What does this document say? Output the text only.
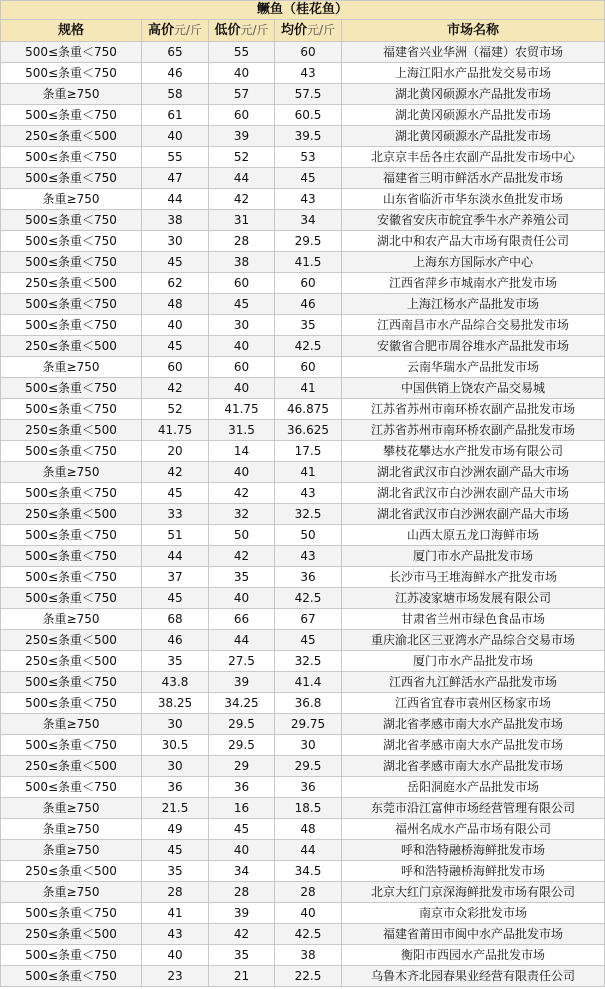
鳜鱼（桂花鱼）				
规格	高价元/斤	低价元/斤	均价元/斤	市场名称
500≤条重＜750	65	55	60	福建省兴业华洲（福建）农贸市场
500≤条重＜750	46	40	43	上海江阳水产品批发交易市场
条重≥750	58	57	57.5	湖北黄冈硕源水产品批发市场
500≤条重＜750	61	60	60.5	湖北黄冈硕源水产品批发市场
250≤条重＜500	40	39	39.5	湖北黄冈硕源水产品批发市场
500≤条重＜750	55	52	53	北京京丰岳各庄农副产品批发市场中心
500≤条重＜750	47	44	45	福建省三明市鲜活水产品批发市场
条重≥750	44	42	43	山东省临沂市华东淡水鱼批发市场
500≤条重＜750	38	31	34	安徽省安庆市皖宜季牛水产养殖公司
500≤条重＜750	30	28	29.5	湖北中和农产品大市场有限责任公司
500≤条重＜750	45	38	41.5	上海东方国际水产中心
250≤条重＜500	62	60	60	江西省萍乡市城南水产批发市场
500≤条重＜750	48	45	46	上海江杨水产品批发市场
500≤条重＜750	40	30	35	江西南昌市水产品综合交易批发市场
250≤条重＜500	45	40	42.5	安徽省合肥市周谷堆水产品批发市场
条重≥750	60	60	60	云南华瑞水产品批发市场
500≤条重＜750	42	40	41	中国供销上饶农产品交易城
500≤条重＜750	52	41.75	46.875	江苏省苏州市南环桥农副产品批发市场
250≤条重＜500	41.75	31.5	36.625	江苏省苏州市南环桥农副产品批发市场
500≤条重＜750	20	14	17.5	攀枝花攀达水产批发市场有限公司
条重≥750	42	40	41	湖北省武汉市白沙洲农副产品大市场
500≤条重＜750	45	42	43	湖北省武汉市白沙洲农副产品大市场
250≤条重＜500	33	32	32.5	湖北省武汉市白沙洲农副产品大市场
500≤条重＜750	51	50	50	山西太原五龙口海鲜市场
500≤条重＜750	44	42	43	厦门市水产品批发市场
500≤条重＜750	37	35	36	长沙市马王堆海鲜水产批发市场
500≤条重＜750	45	40	42.5	江苏凌家塘市场发展有限公司
条重≥750	68	66	67	甘肃省兰州市绿色食品市场
250≤条重＜500	46	44	45	重庆渝北区三亚湾水产品综合交易市场
250≤条重＜500	35	27.5	32.5	厦门市水产品批发市场
500≤条重＜750	43.8	39	41.4	江西省九江鲜活水产品批发市场
500≤条重＜750	38.25	34.25	36.8	江西省宜春市袁州区杨家市场
条重≥750	30	29.5	29.75	湖北省孝感市南大水产品批发市场
500≤条重＜750	30.5	29.5	30	湖北省孝感市南大水产品批发市场
250≤条重＜500	30	29	29.5	湖北省孝感市南大水产品批发市场
500≤条重＜750	36	36	36	岳阳洞庭水产品批发市场
条重≥750	21.5	16	18.5	东莞市沿江富伸市场经营管理有限公司
条重≥750	49	45	48	福州名成水产品市场有限公司
条重≥750	45	40	44	呼和浩特融桥海鲜批发市场
250≤条重＜500	35	34	34.5	呼和浩特融桥海鲜批发市场
条重≥750	28	28	28	北京大红门京深海鲜批发市场有限公司
500≤条重＜750	41	39	40	南京市众彩批发市场
250≤条重＜500	43	42	42.5	福建省莆田市闽中水产品批发市场
500≤条重＜750	40	35	38	衡阳市西园水产品批发市场
500≤条重＜750	23	21	22.5	乌鲁木齐北园春果业经营有限责任公司
